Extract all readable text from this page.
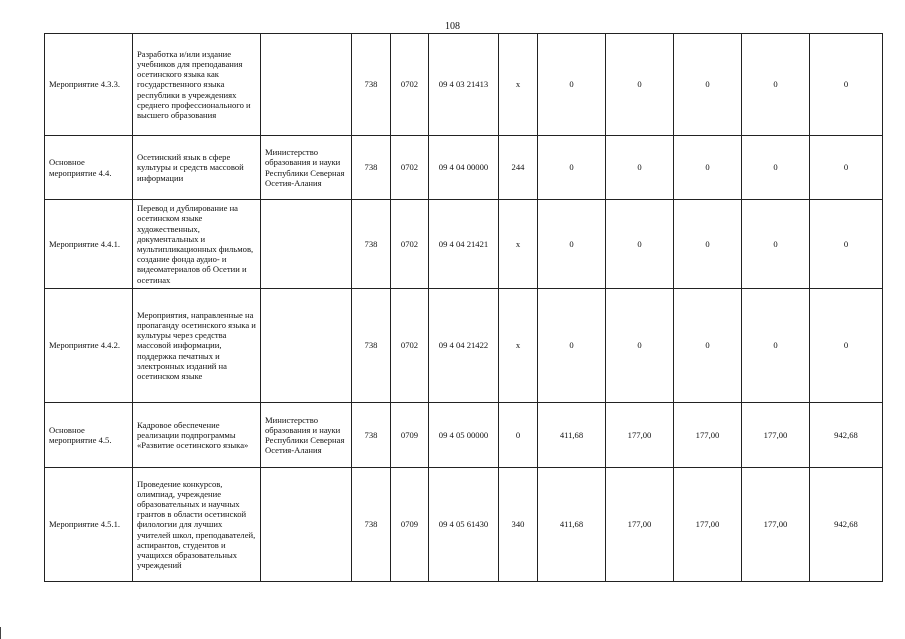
108
Мероприятие 4.3.3.	Разработка и/или издание учебников для преподавания осетинского языка как государственного языка республики в учреждениях среднего профессионального и высшего образования		738	0702	09 4 03 21413	x	0	0	0	0	0
Основное мероприятие 4.4.	Осетинский язык в сфере культуры и средств массовой информации	Министерство образования и науки Республики Северная Осетия-Алания	738	0702	09 4 04 00000	244	0	0	0	0	0
Мероприятие 4.4.1.	Перевод и дублирование на осетинском языке художественных, документальных и мультипликационных фильмов, создание фонда аудио- и видеоматериалов об Осетии и осетинах		738	0702	09 4 04 21421	x	0	0	0	0	0
Мероприятие 4.4.2.	Мероприятия, направленные на пропаганду осетинского языка и культуры через средства массовой информации, поддержка печатных и электронных изданий на осетинском языке		738	0702	09 4 04 21422	x	0	0	0	0	0
Основное мероприятие 4.5.	Кадровое обеспечение реализации подпрограммы «Развитие осетинского языка»	Министерство образования и науки Республики Северная Осетия-Алания	738	0709	09 4 05 00000	0	411,68	177,00	177,00	177,00	942,68
Мероприятие 4.5.1.	Проведение конкурсов, олимпиад, учреждение образовательных и научных грантов в области осетинской филологии для лучших учителей школ, преподавателей, аспирантов, студентов и учащихся образовательных учреждений		738	0709	09 4 05 61430	340	411,68	177,00	177,00	177,00	942,68
